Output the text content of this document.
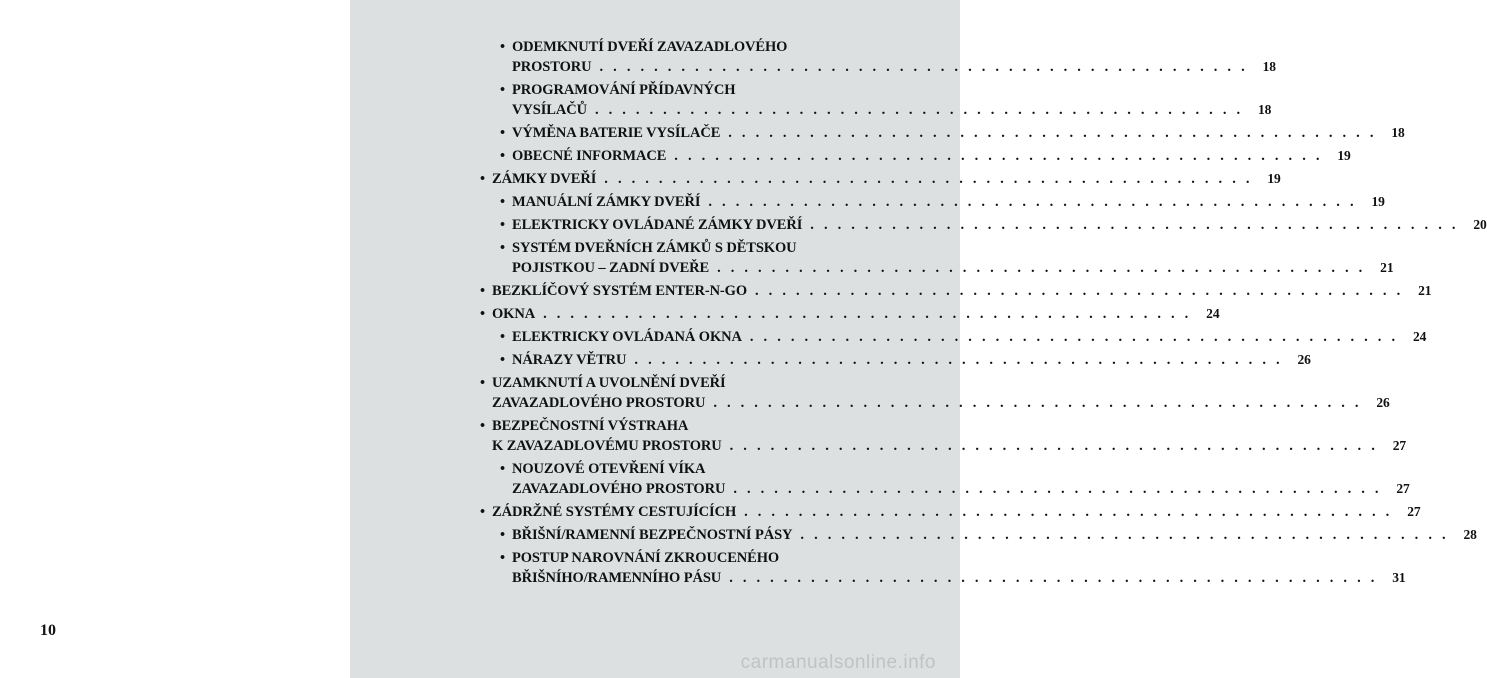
10
• ODEMKNUTÍ DVEŘÍ ZAVAZADLOVÉHO
PROSTORU . . . . . . . . . . . . . . . . . . . . . . . . . . . . . . . . . . . . . . . . . . . . . . . .	18
• PROGRAMOVÁNÍ PŘÍDAVNÝCH
VYSÍLAČŮ . . . . . . . . . . . . . . . . . . . . . . . . . . . . . . . . . . . . . . . . . . . . . . . .	18
• VÝMĚNA BATERIE VYSÍLAČE . . . . . . . . . . . . . . . . . . . . . . . . . . . . . . . . . . . . . . . . . . . . . . . .	18
• OBECNÉ INFORMACE . . . . . . . . . . . . . . . . . . . . . . . . . . . . . . . . . . . . . . . . . . . . . . . .	19
• ZÁMKY DVEŘÍ . . . . . . . . . . . . . . . . . . . . . . . . . . . . . . . . . . . . . . . . . . . . . . . .	19
• MANUÁLNÍ ZÁMKY DVEŘÍ . . . . . . . . . . . . . . . . . . . . . . . . . . . . . . . . . . . . . . . . . . . . . . . .	19
• ELEKTRICKY OVLÁDANÉ ZÁMKY DVEŘÍ . . . . . . . . . . . . . . . . . . . . . . . . . . . . . . . . . . . . . . . . . . . . . . . .	20
• SYSTÉM DVEŘNÍCH ZÁMKŮ S DĚTSKOU
POJISTKOU – ZADNÍ DVEŘE . . . . . . . . . . . . . . . . . . . . . . . . . . . . . . . . . . . . . . . . . . . . . . . .	21
• BEZKLÍČOVÝ SYSTÉM ENTER-N-GO . . . . . . . . . . . . . . . . . . . . . . . . . . . . . . . . . . . . . . . . . . . . . . . .	21
• OKNA . . . . . . . . . . . . . . . . . . . . . . . . . . . . . . . . . . . . . . . . . . . . . . . .	24
• ELEKTRICKY OVLÁDANÁ OKNA . . . . . . . . . . . . . . . . . . . . . . . . . . . . . . . . . . . . . . . . . . . . . . . .	24
• NÁRAZY VĚTRU . . . . . . . . . . . . . . . . . . . . . . . . . . . . . . . . . . . . . . . . . . . . . . . .	26
• UZAMKNUTÍ A UVOLNĚNÍ DVEŘÍ
ZAVAZADLOVÉHO PROSTORU . . . . . . . . . . . . . . . . . . . . . . . . . . . . . . . . . . . . . . . . . . . . . . . .	26
• BEZPEČNOSTNÍ VÝSTRAHA
K ZAVAZADLOVÉMU PROSTORU . . . . . . . . . . . . . . . . . . . . . . . . . . . . . . . . . . . . . . . . . . . . . . . .	27
• NOUZOVÉ OTEVŘENÍ VÍKA
ZAVAZADLOVÉHO PROSTORU . . . . . . . . . . . . . . . . . . . . . . . . . . . . . . . . . . . . . . . . . . . . . . . .	27
• ZÁDRŽNÉ SYSTÉMY CESTUJÍCÍCH . . . . . . . . . . . . . . . . . . . . . . . . . . . . . . . . . . . . . . . . . . . . . . . .	27
• BŘIŠNÍ/RAMENNÍ BEZPEČNOSTNÍ PÁSY . . . . . . . . . . . . . . . . . . . . . . . . . . . . . . . . . . . . . . . . . . . . . . . .	28
• POSTUP NAROVNÁNÍ ZKROUCENÉHO
BŘIŠNÍHO/RAMENNÍHO PÁSU . . . . . . . . . . . . . . . . . . . . . . . . . . . . . . . . . . . . . . . . . . . . . . . .	31
carmanualsonline.info
